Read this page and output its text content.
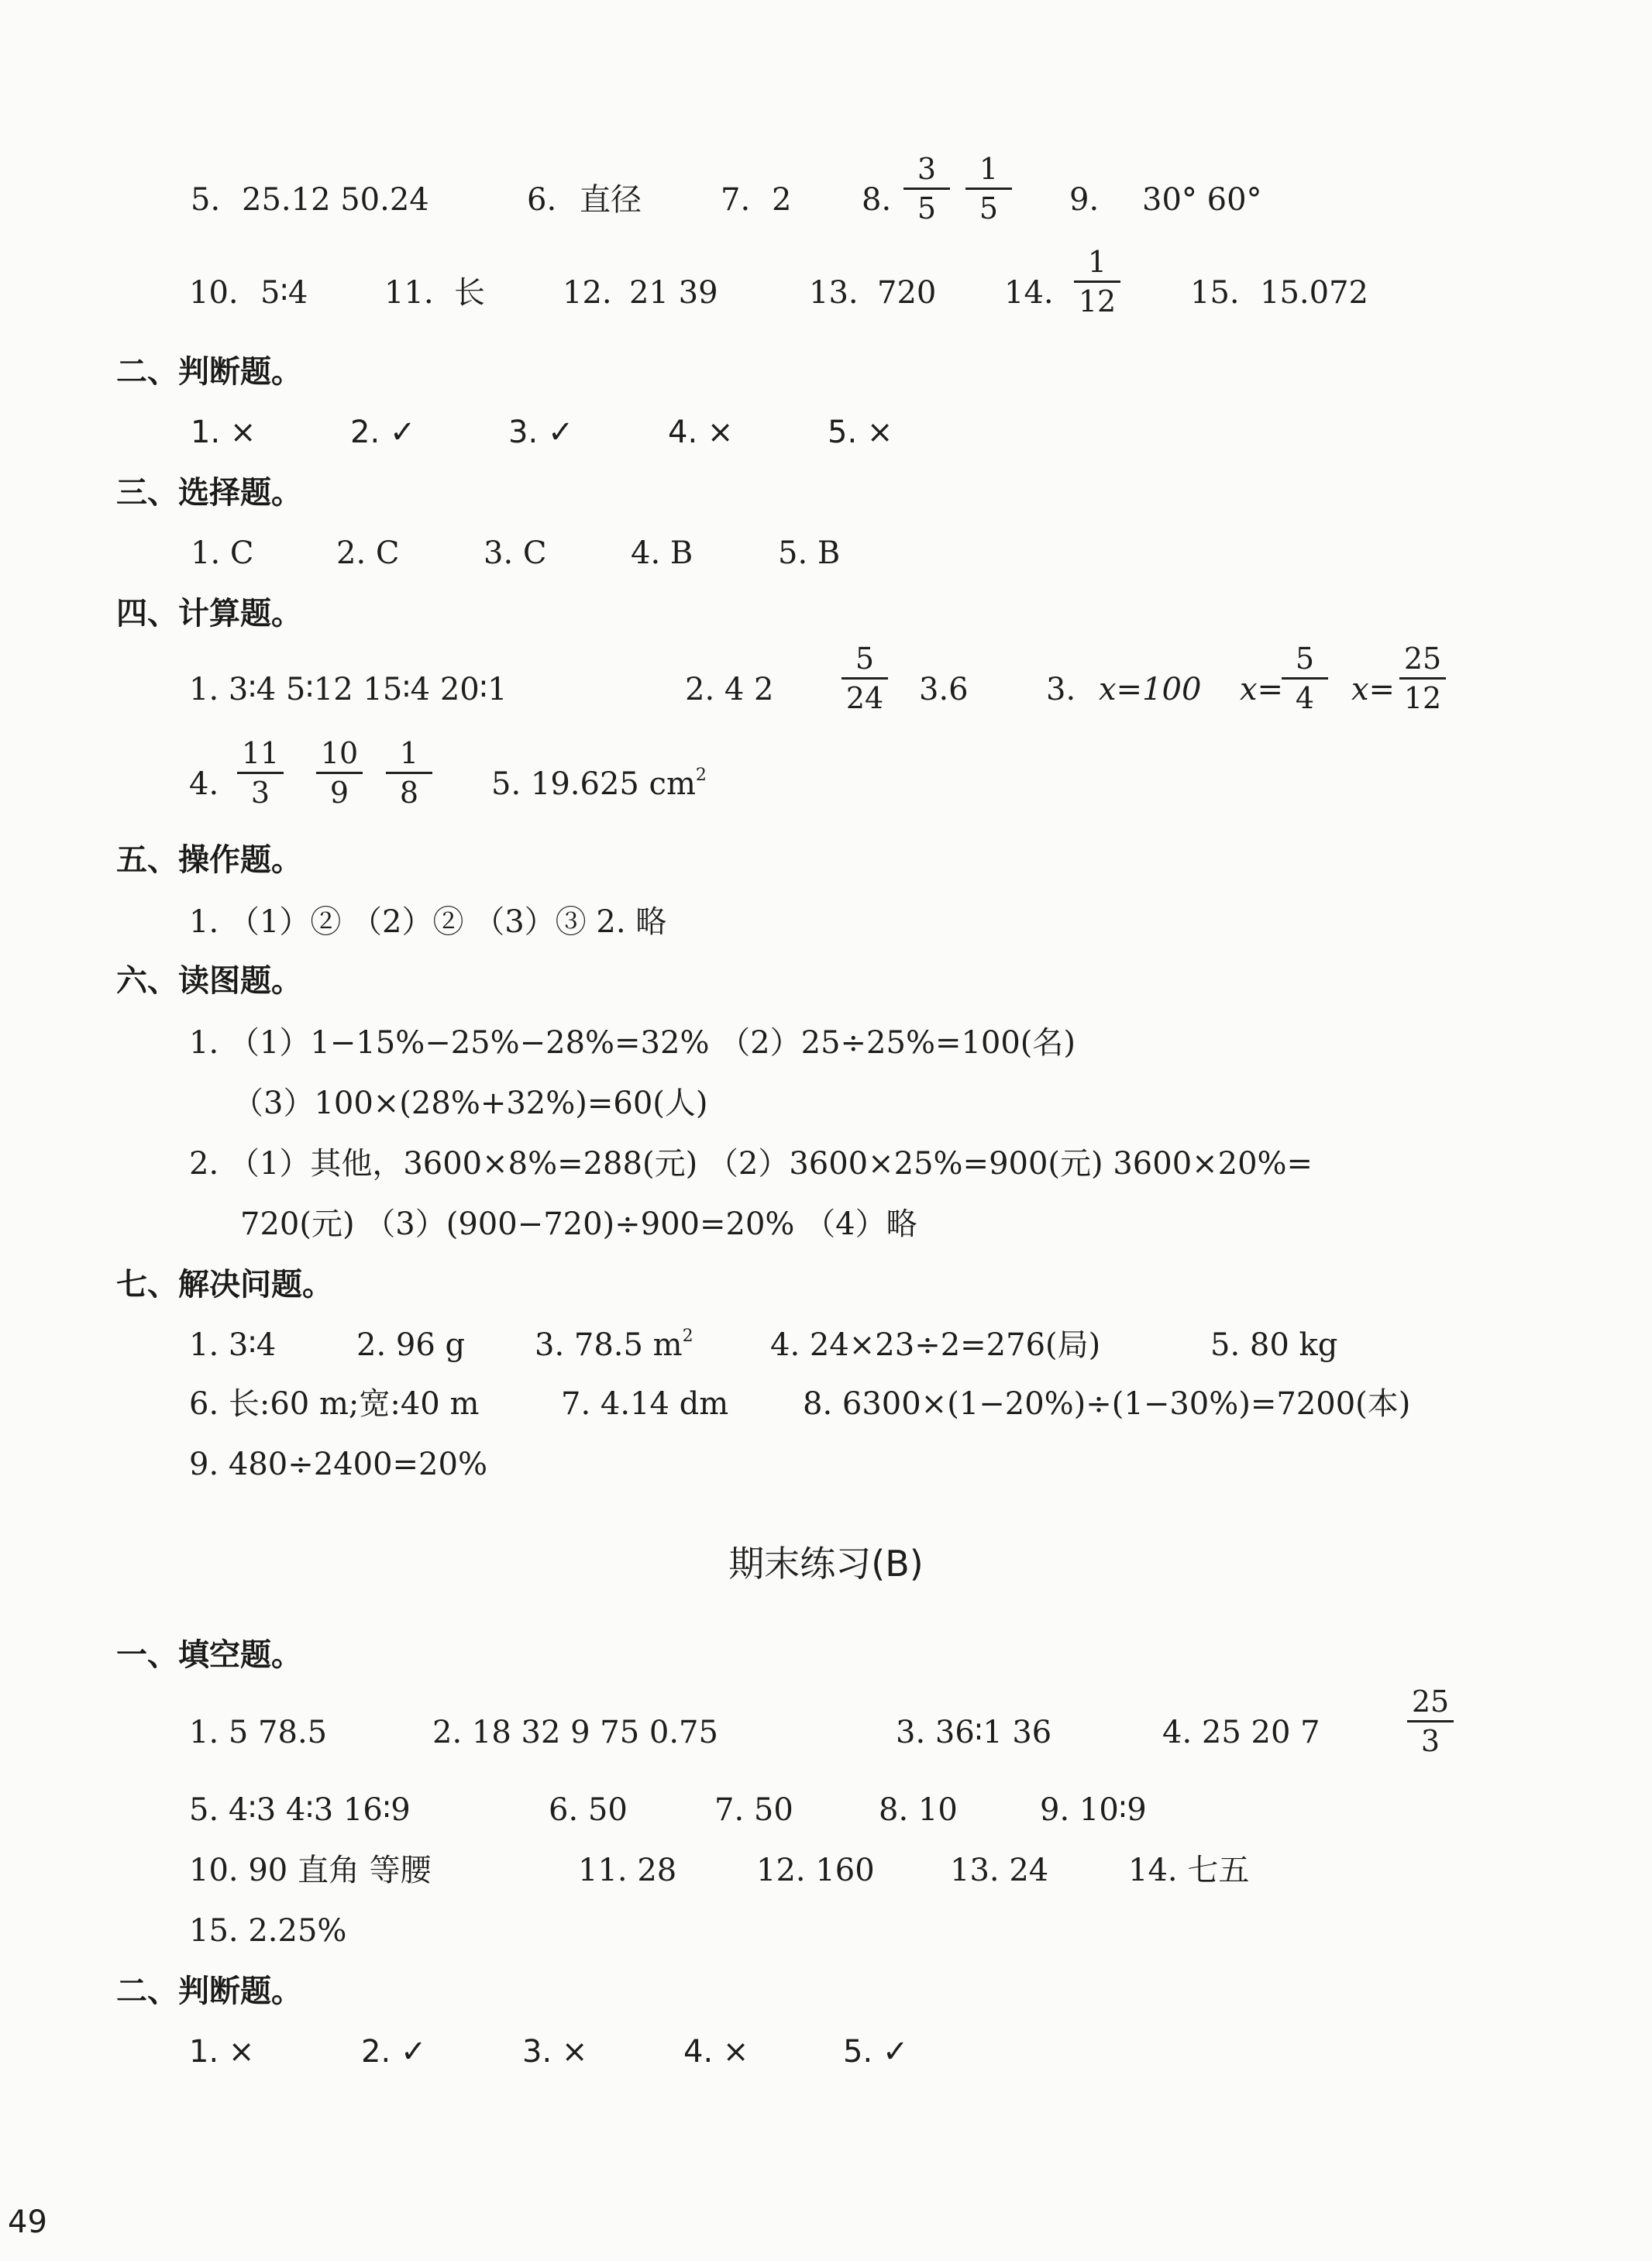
5. 25.12 50.24	6. 直径	7. 2 8.
3
5
1
5 9. 30° 60°
10. 5∶4 11. 长	12. 21 39	13. 720 14.
1
12 15. 15.072
二、判断题。
1. ×	2. ✓	3. ✓	4. ×	5. ×
三、选择题。
1. C	2. C	3. C	4. B	5. B
四、计算题。
1. 3∶4 5∶12 15∶4 20∶1	2. 4 2
5
24 3.6	3. x=100 x=
5
4 x=
25
12
4.
11
3
10
9
1
8 5. 19.625 $cm^2$
五、操作题。
1. （1）② （2）② （3）③ 2. 略
六、读图题。
1. （1）1−15%−25%−28%=32% （2）25÷25%=100(名)
（3）100×(28%+32%)=60(人)
2. （1）其他，3600×8%=288(元) （2）3600×25%=900(元) 3600×20%=
720(元) （3）(900−720)÷900=20% （4）略
七、解决问题。
1. 3∶4	2. 96 g 3. 78.5 $m^2$ 4. 24×23÷2=276(局)	5. 80 kg
6. 长:60 m;宽:40 m	7. 4.14 dm 8. 6300×(1−20%)÷(1−30%)=7200(本)
9. 480÷2400=20%
期末练习(B)
一、填空题。
1. 5 78.5	2. 18 32 9 75 0.75	3. 36∶1 36	4. 25 20 7
25
3
5. 4∶3 4∶3 16∶9	6. 50	7. 50	8. 10	9. 10∶9
10. 90 直角 等腰	11. 28	12. 160 13. 24	14. 七五
15. 2.25%
二、判断题。
1. ×	2. ✓	3. ×	4. ×	5. ✓
49
